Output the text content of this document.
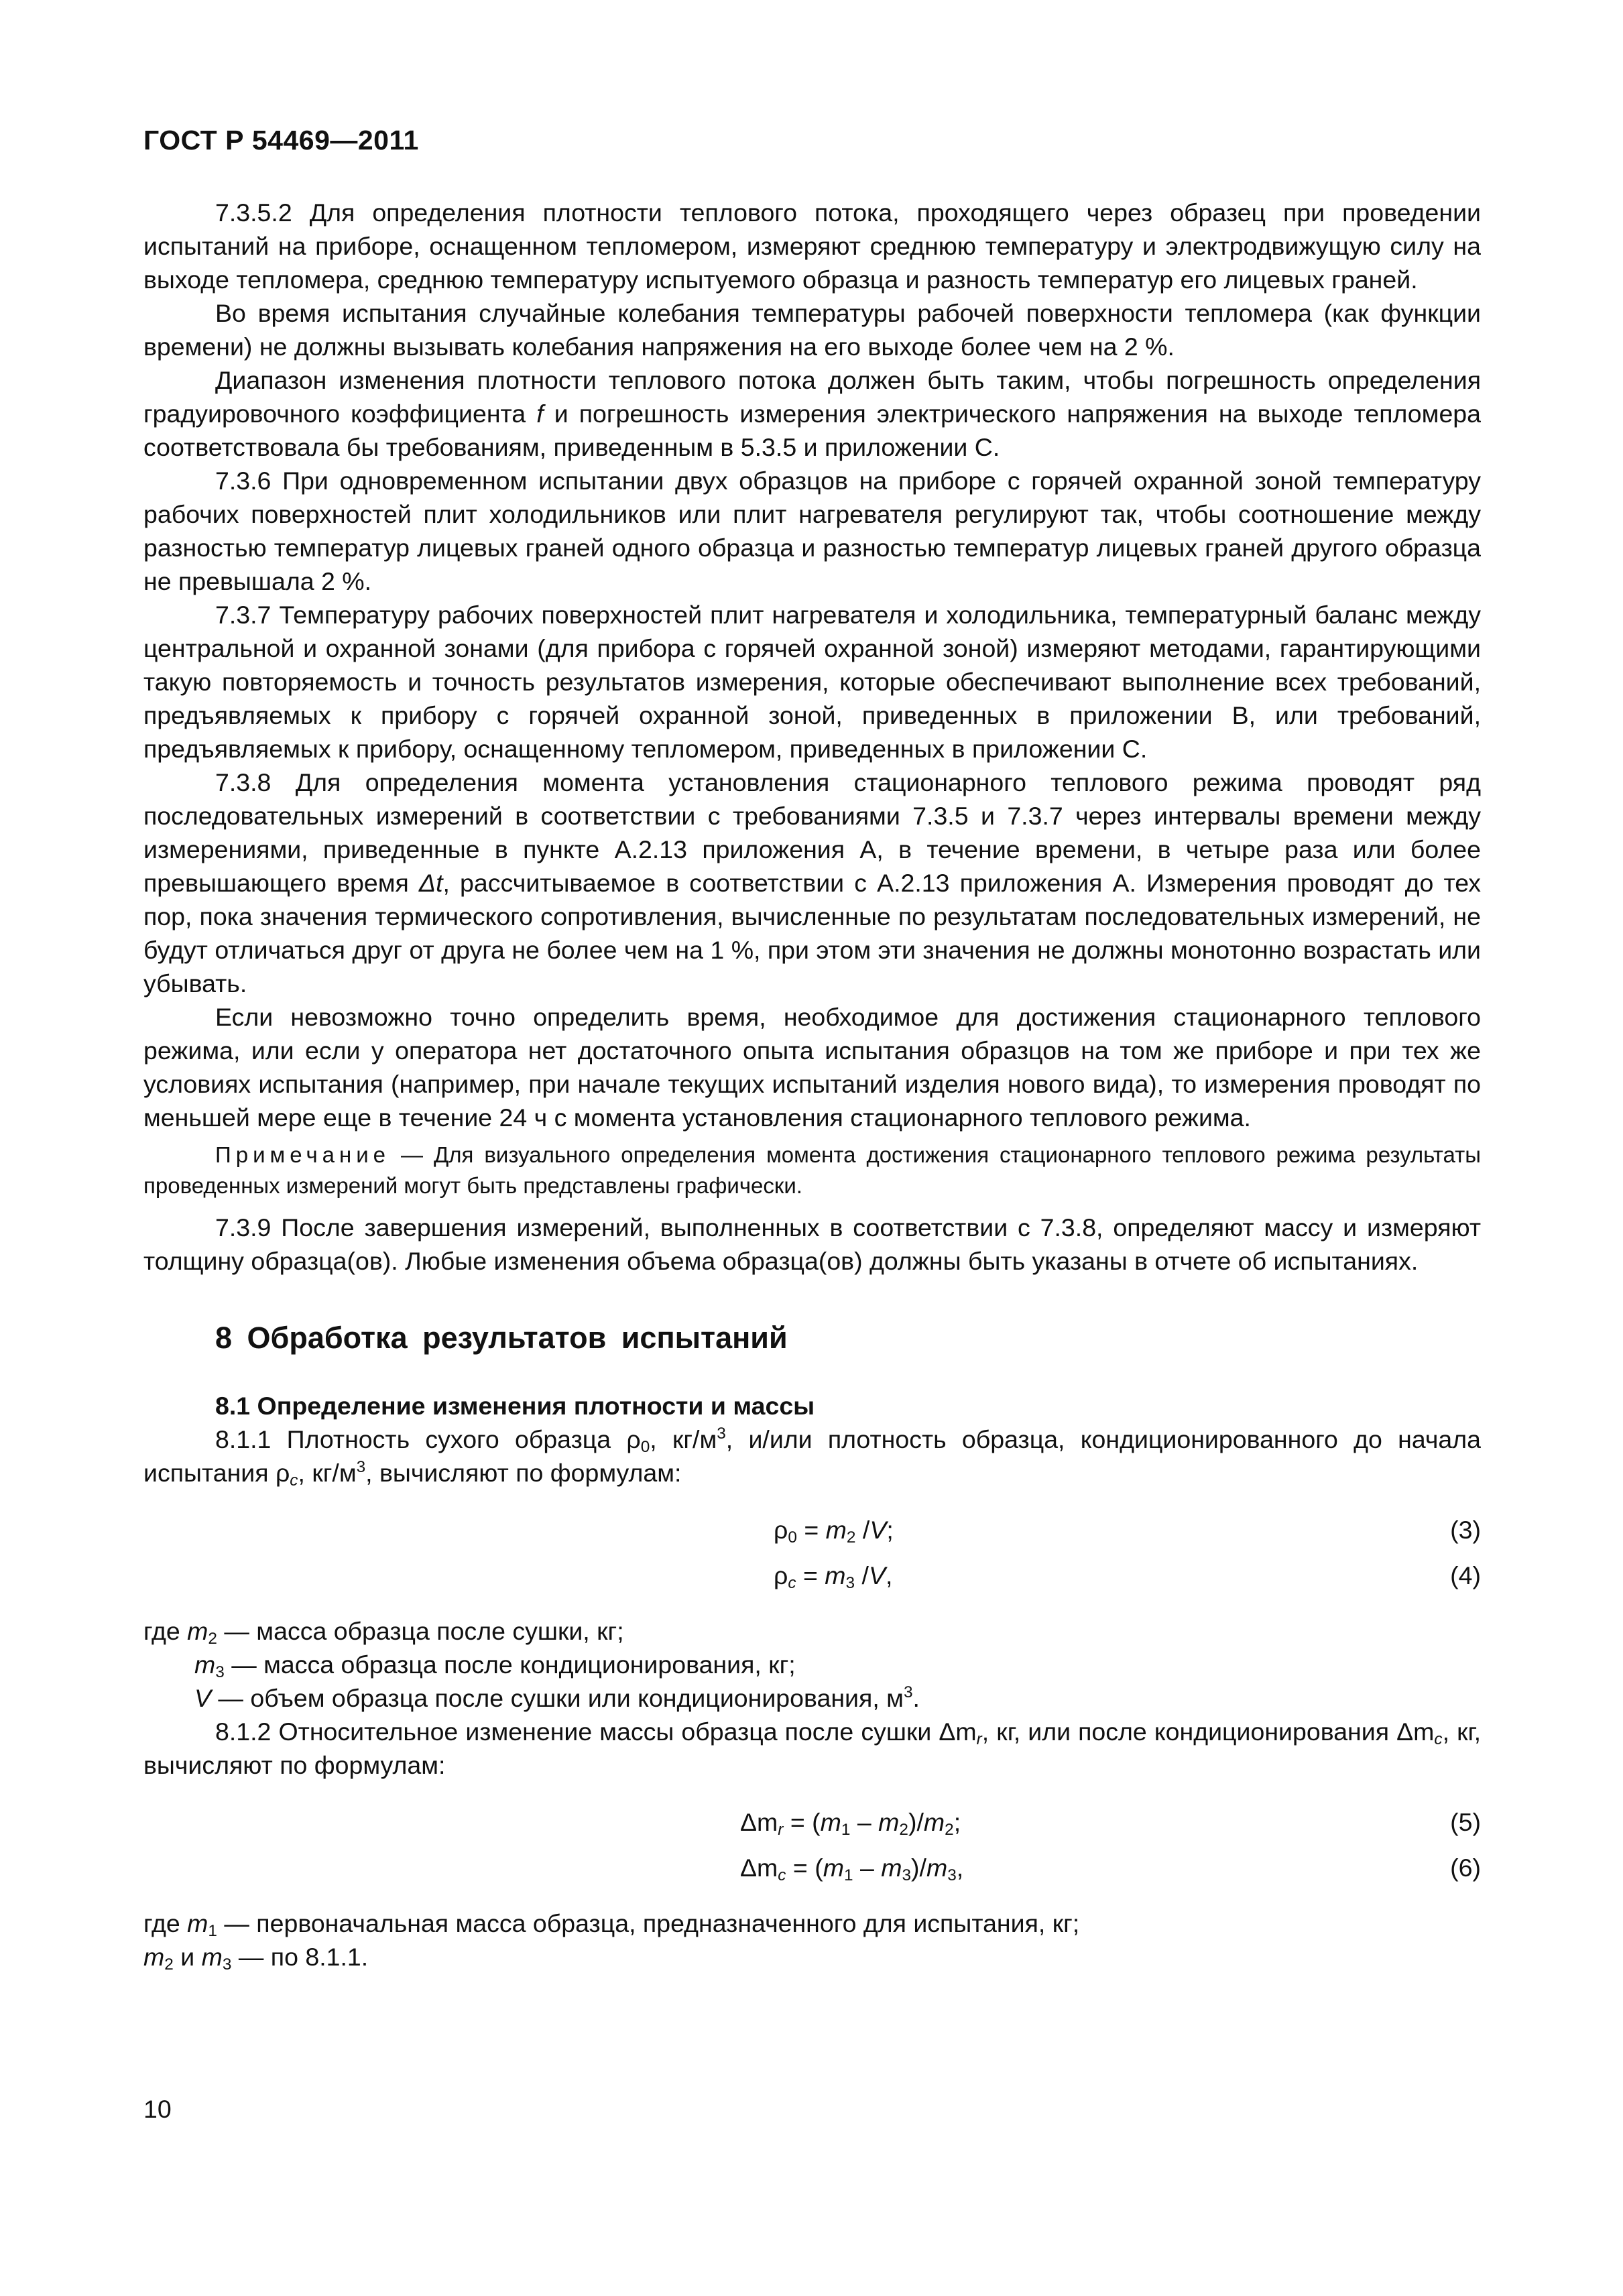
ГОСТ Р 54469—2011

7.3.5.2 Для определения плотности теплового потока, проходящего через образец при проведении испытаний на приборе, оснащенном тепломером, измеряют среднюю температуру и электродвижущую силу на выходе тепломера, среднюю температуру испытуемого образца и разность температур его лицевых граней.

Во время испытания случайные колебания температуры рабочей поверхности тепломера (как функции времени) не должны вызывать колебания напряжения на его выходе более чем на 2 %.

Диапазон изменения плотности теплового потока должен быть таким, чтобы погрешность определения градуировочного коэффициента f и погрешность измерения электрического напряжения на выходе тепломера соответствовала бы требованиям, приведенным в 5.3.5 и приложении С.

7.3.6 При одновременном испытании двух образцов на приборе с горячей охранной зоной температуру рабочих поверхностей плит холодильников или плит нагревателя регулируют так, чтобы соотношение между разностью температур лицевых граней одного образца и разностью температур лицевых граней другого образца не превышала 2 %.

7.3.7 Температуру рабочих поверхностей плит нагревателя и холодильника, температурный баланс между центральной и охранной зонами (для прибора с горячей охранной зоной) измеряют методами, гарантирующими такую повторяемость и точность результатов измерения, которые обеспечивают выполнение всех требований, предъявляемых к прибору с горячей охранной зоной, приведенных в приложении В, или требований, предъявляемых к прибору, оснащенному тепломером, приведенных в приложении С.

7.3.8 Для определения момента установления стационарного теплового режима проводят ряд последовательных измерений в соответствии с требованиями 7.3.5 и 7.3.7 через интервалы времени между измерениями, приведенные в пункте А.2.13 приложения А, в течение времени, в четыре раза или более превышающего время Δt, рассчитываемое в соответствии с А.2.13 приложения А. Измерения проводят до тех пор, пока значения термического сопротивления, вычисленные по результатам последовательных измерений, не будут отличаться друг от друга не более чем на 1 %, при этом эти значения не должны монотонно возрастать или убывать.

Если невозможно точно определить время, необходимое для достижения стационарного теплового режима, или если у оператора нет достаточного опыта испытания образцов на том же приборе и при тех же условиях испытания (например, при начале текущих испытаний изделия нового вида), то измерения проводят по меньшей мере еще в течение 24 ч с момента установления стационарного теплового режима.

Примечание — Для визуального определения момента достижения стационарного теплового режима результаты проведенных измерений могут быть представлены графически.

7.3.9 После завершения измерений, выполненных в соответствии с 7.3.8, определяют массу и измеряют толщину образца(ов). Любые изменения объема образца(ов) должны быть указаны в отчете об испытаниях.

8 Обработка результатов испытаний
8.1 Определение изменения плотности и массы

8.1.1 Плотность сухого образца $\rho_0$, $кг/м^3$, и/или плотность образца, кондиционированного до начала испытания $\rho_c$, $кг/м^3$, вычисляют по формулам:

$\rho_0 = m_2$ /V;	(3)
$\rho_c = m_3$ /V,	(4)

где $m_2$ — масса образца после сушки, кг;

$m_3$ — масса образца после кондиционирования, кг;

V — объем образца после сушки или кондиционирования, $м^3$.

8.1.2 Относительное изменение массы образца после сушки $\Delta m_r$, кг, или после кондиционирования $\Delta m_c$, кг, вычисляют по формулам:

$\Delta m_r = (m_1 - m_2)/m_2$;	(5)
$\Delta m_c = (m_1 - m_3)/m_3$,	(6)

где $m_1$ — первоначальная масса образца, предназначенного для испытания, кг;

$m_2$ и $m_3$ — по 8.1.1.

10
